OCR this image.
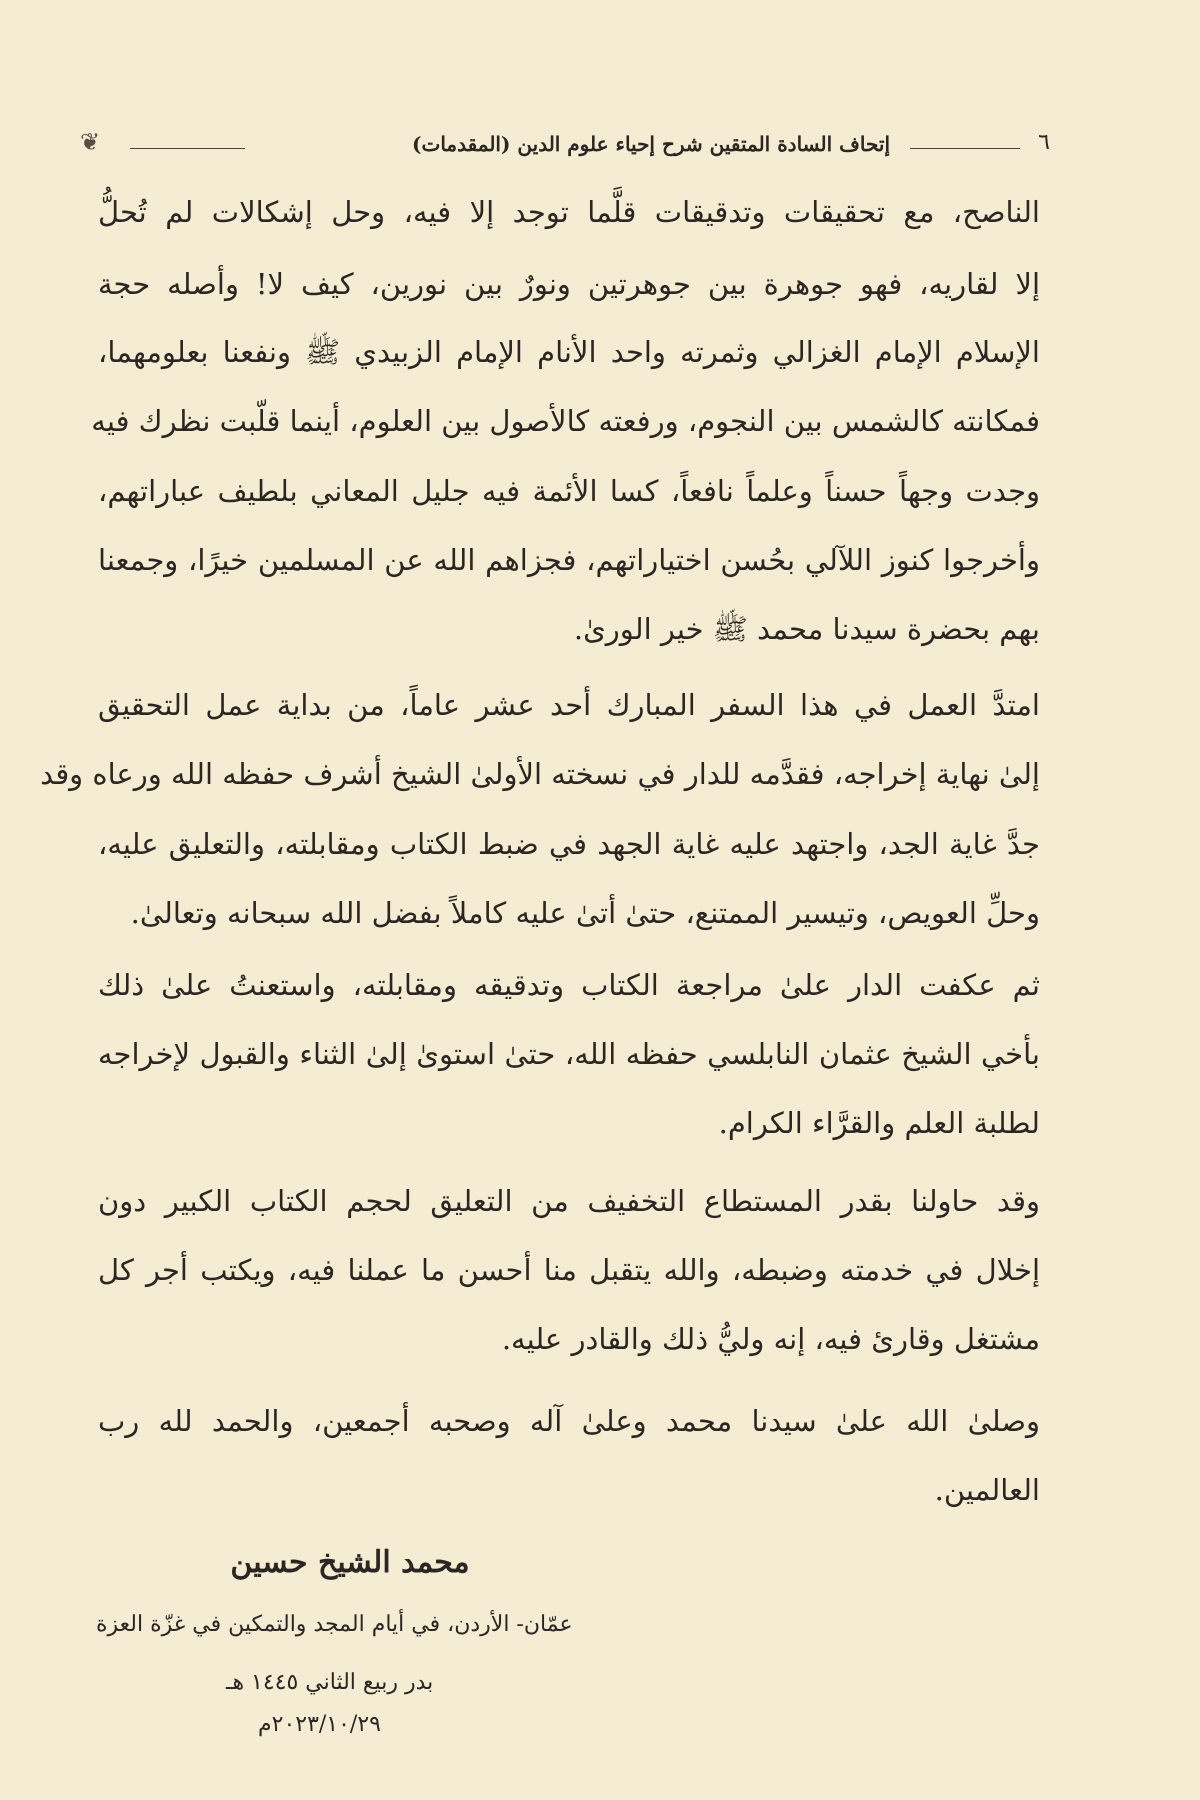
٦
إتحاف السادة المتقين شرح إحياء علوم الدين (المقدمات)
❦
الناصح، مع تحقيقات وتدقيقات قلَّما توجد إلا فيه، وحل إشكالات لم تُحلُّ
إلا لقاريه، فهو جوهرة بين جوهرتين ونورٌ بين نورين، كيف لا! وأصله حجة
الإسلام الإمام الغزالي وثمرته واحد الأنام الإمام الزبيدي ﷺ ونفعنا بعلومهما،
فمكانته كالشمس بين النجوم، ورفعته كالأصول بين العلوم، أينما قلّبت نظرك فيه
وجدت وجهاً حسناً وعلماً نافعاً، كسا الأئمة فيه جليل المعاني بلطيف عباراتهم،
وأخرجوا كنوز اللآلي بحُسن اختياراتهم، فجزاهم الله عن المسلمين خيرًا، وجمعنا
بهم بحضرة سيدنا محمد ﷺ خير الورىٰ.
امتدَّ العمل في هذا السفر المبارك أحد عشر عاماً، من بداية عمل التحقيق
إلىٰ نهاية إخراجه، فقدَّمه للدار في نسخته الأولىٰ الشيخ أشرف حفظه الله ورعاه وقد
جدَّ غاية الجد، واجتهد عليه غاية الجهد في ضبط الكتاب ومقابلته، والتعليق عليه،
وحلِّ العويص، وتيسير الممتنع، حتىٰ أتىٰ عليه كاملاً بفضل الله سبحانه وتعالىٰ.
ثم عكفت الدار علىٰ مراجعة الكتاب وتدقيقه ومقابلته، واستعنتُ علىٰ ذلك
بأخي الشيخ عثمان النابلسي حفظه الله، حتىٰ استوىٰ إلىٰ الثناء والقبول لإخراجه
لطلبة العلم والقرَّاء الكرام.
وقد حاولنا بقدر المستطاع التخفيف من التعليق لحجم الكتاب الكبير دون
إخلال في خدمته وضبطه، والله يتقبل منا أحسن ما عملنا فيه، ويكتب أجر كل
مشتغل وقارئ فيه، إنه وليُّ ذلك والقادر عليه.
وصلىٰ الله علىٰ سيدنا محمد وعلىٰ آله وصحبه أجمعين، والحمد لله رب
العالمين.
محمد الشيخ حسين
عمّان- الأردن، في أيام المجد والتمكين في غزّة العزة
بدر ربيع الثاني ١٤٤٥ هـ
٢٠٢٣/١٠/٢٩م
